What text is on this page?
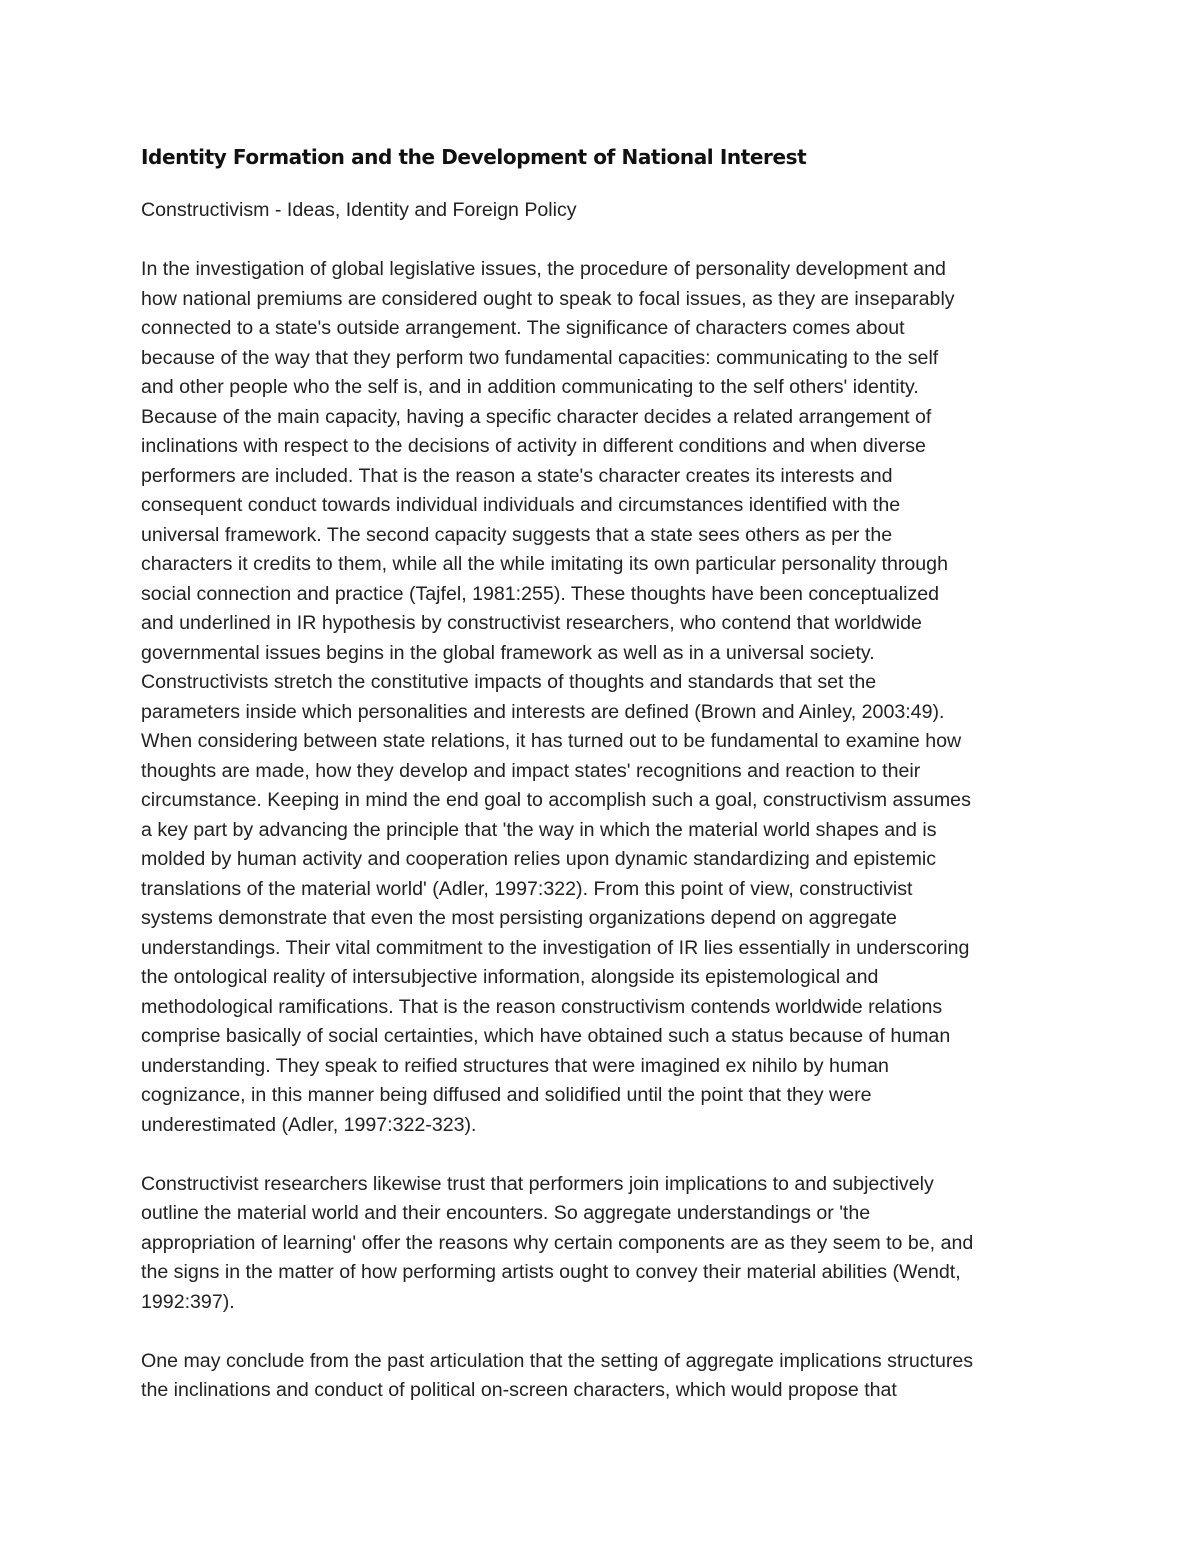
Identity Formation and the Development of National Interest

Constructivism - Ideas, Identity and Foreign Policy

In the investigation of global legislative issues, the procedure of personality development and
how national premiums are considered ought to speak to focal issues, as they are inseparably
connected to a state's outside arrangement. The significance of characters comes about
because of the way that they perform two fundamental capacities: communicating to the self
and other people who the self is, and in addition communicating to the self others' identity.
Because of the main capacity, having a specific character decides a related arrangement of
inclinations with respect to the decisions of activity in different conditions and when diverse
performers are included. That is the reason a state's character creates its interests and
consequent conduct towards individual individuals and circumstances identified with the
universal framework. The second capacity suggests that a state sees others as per the
characters it credits to them, while all the while imitating its own particular personality through
social connection and practice (Tajfel, 1981:255). These thoughts have been conceptualized
and underlined in IR hypothesis by constructivist researchers, who contend that worldwide
governmental issues begins in the global framework as well as in a universal society.
Constructivists stretch the constitutive impacts of thoughts and standards that set the
parameters inside which personalities and interests are defined (Brown and Ainley, 2003:49).
When considering between state relations, it has turned out to be fundamental to examine how
thoughts are made, how they develop and impact states' recognitions and reaction to their
circumstance. Keeping in mind the end goal to accomplish such a goal, constructivism assumes
a key part by advancing the principle that 'the way in which the material world shapes and is
molded by human activity and cooperation relies upon dynamic standardizing and epistemic
translations of the material world' (Adler, 1997:322). From this point of view, constructivist
systems demonstrate that even the most persisting organizations depend on aggregate
understandings. Their vital commitment to the investigation of IR lies essentially in underscoring
the ontological reality of intersubjective information, alongside its epistemological and
methodological ramifications. That is the reason constructivism contends worldwide relations
comprise basically of social certainties, which have obtained such a status because of human
understanding. They speak to reified structures that were imagined ex nihilo by human
cognizance, in this manner being diffused and solidified until the point that they were
underestimated (Adler, 1997:322-323).

Constructivist researchers likewise trust that performers join implications to and subjectively
outline the material world and their encounters. So aggregate understandings or 'the
appropriation of learning' offer the reasons why certain components are as they seem to be, and
the signs in the matter of how performing artists ought to convey their material abilities (Wendt,
1992:397).

One may conclude from the past articulation that the setting of aggregate implications structures
the inclinations and conduct of political on-screen characters, which would propose that
